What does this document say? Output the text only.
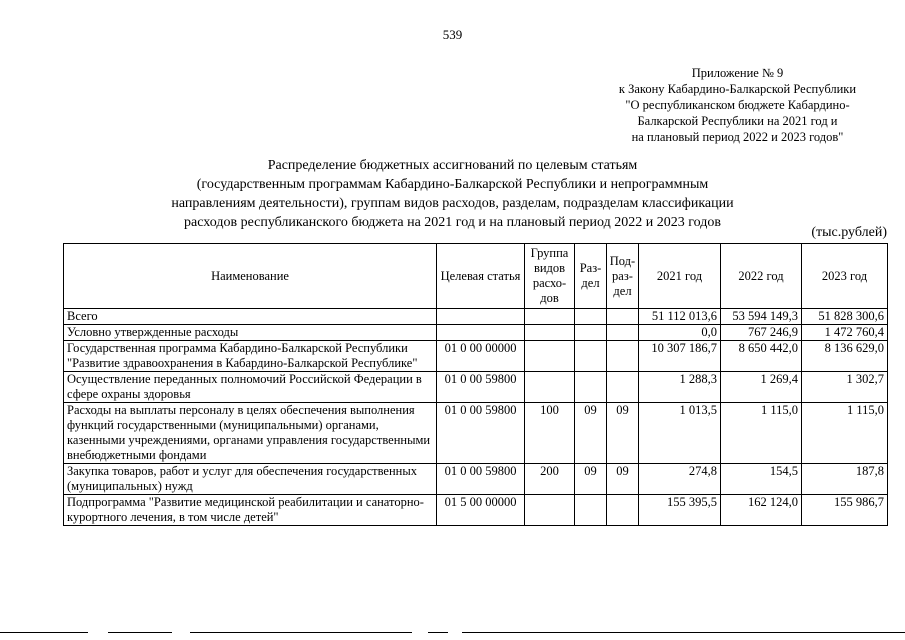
539
Приложение № 9
к Закону Кабардино-Балкарской Республики
"О республиканском бюджете Кабардино-
Балкарской Республики на 2021 год и
на плановый период 2022 и 2023 годов"
Распределение бюджетных ассигнований по целевым статьям
(государственным программам Кабардино-Балкарской Республики и непрограммным
направлениям деятельности), группам видов расходов, разделам, подразделам классификации
расходов республиканского бюджета на 2021 год и на плановый период 2022 и 2023 годов
(тыс.рублей)
Наименование	Целевая статья	Группа видов расхо-дов	Раз-дел	Под-раз-дел	2021 год	2022 год	2023 год
Всего					51 112 013,6	53 594 149,3	51 828 300,6
Условно утвержденные расходы					0,0	767 246,9	1 472 760,4
Государственная программа Кабардино-Балкарской Республики "Развитие здравоохранения в Кабардино-Балкарской Республике"	01 0 00 00000				10 307 186,7	8 650 442,0	8 136 629,0
Осуществление переданных полномочий Российской Федерации в сфере охраны здоровья	01 0 00 59800				1 288,3	1 269,4	1 302,7
Расходы на выплаты персоналу в целях обеспечения выполнения функций государственными (муниципальными) органами, казенными учреждениями, органами управления государственными внебюджетными фондами	01 0 00 59800	100	09	09	1 013,5	1 115,0	1 115,0
Закупка товаров, работ и услуг для обеспечения государственных (муниципальных) нужд	01 0 00 59800	200	09	09	274,8	154,5	187,8
Подпрограмма "Развитие медицинской реабилитации и санаторно-курортного лечения, в том числе детей"	01 5 00 00000				155 395,5	162 124,0	155 986,7
